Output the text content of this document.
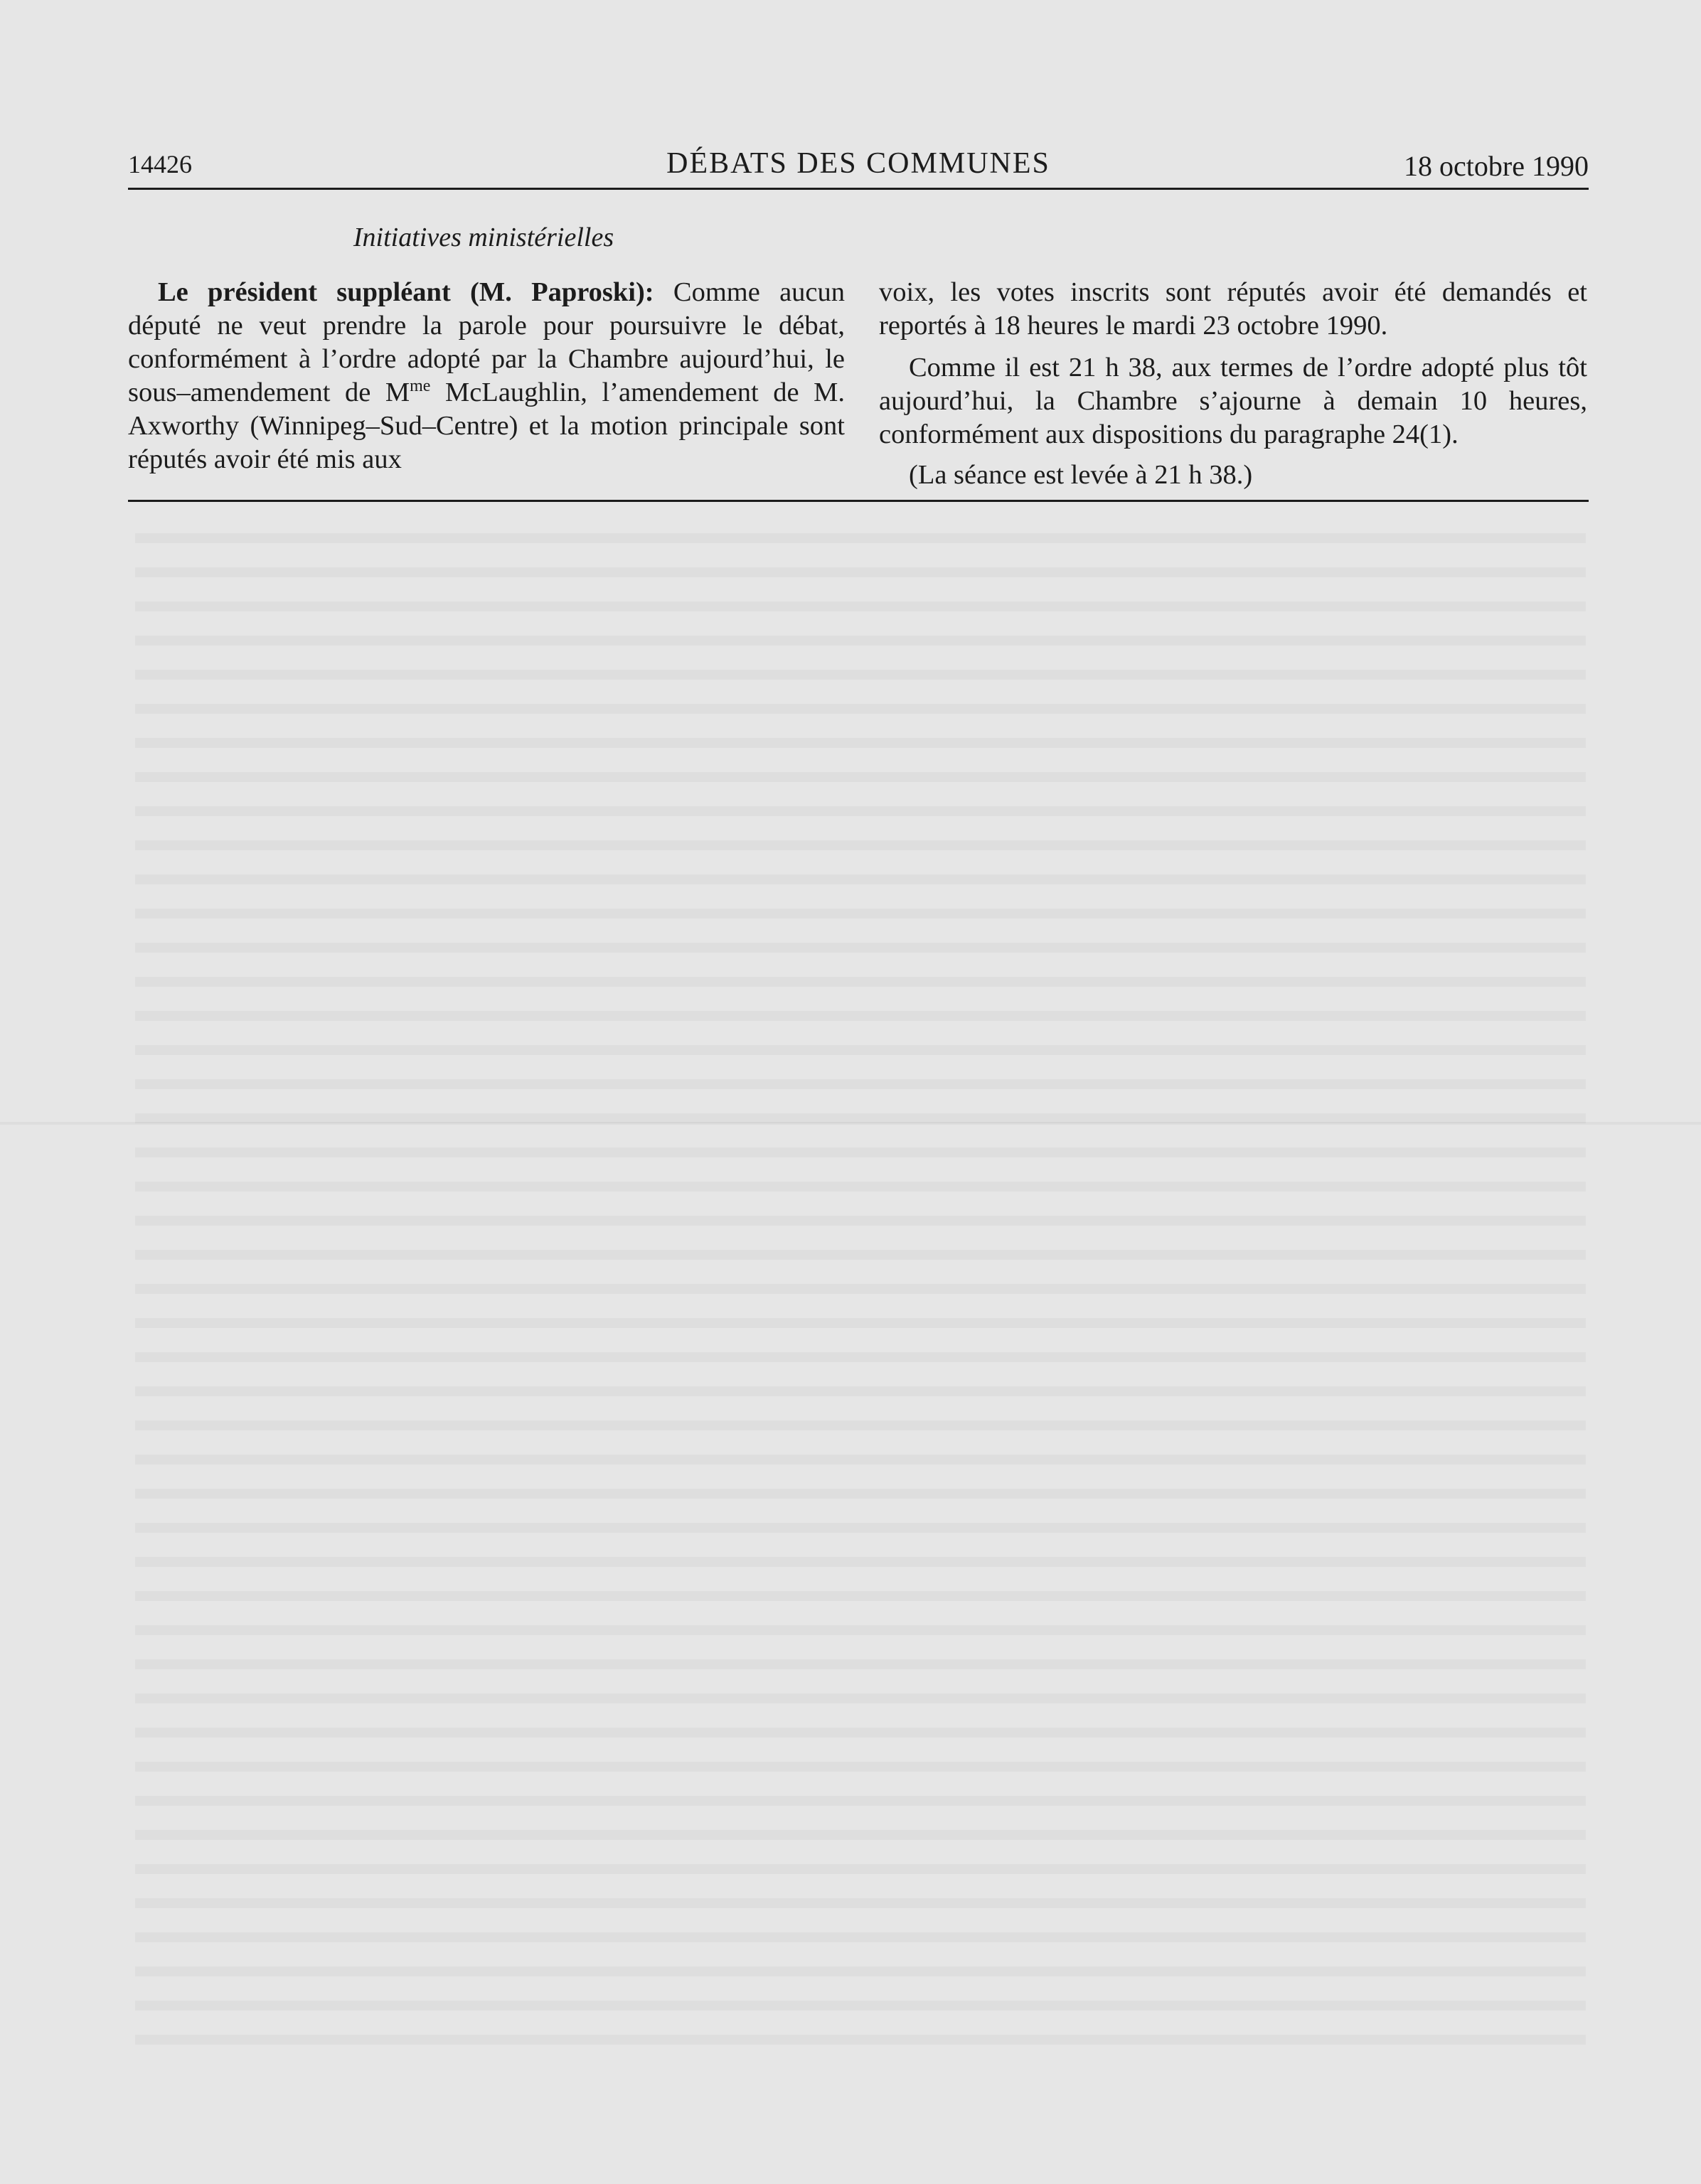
14426	DÉBATS DES COMMUNES	18 octobre 1990
Initiatives ministérielles

Le président suppléant (M. Paproski): Comme aucun député ne veut prendre la parole pour poursuivre le débat, conformément à l’ordre adopté par la Chambre aujourd’hui, le sous–amendement de $M^{me}$ McLaughlin, l’amendement de M. Axworthy (Winnipeg–Sud–Centre) et la motion principale sont réputés avoir été mis aux

voix, les votes inscrits sont réputés avoir été demandés et reportés à 18 heures le mardi 23 octobre 1990.

Comme il est 21 h 38, aux termes de l’ordre adopté plus tôt aujourd’hui, la Chambre s’ajourne à demain 10 heures, conformément aux dispositions du paragraphe 24(1).

(La séance est levée à 21 h 38.)
